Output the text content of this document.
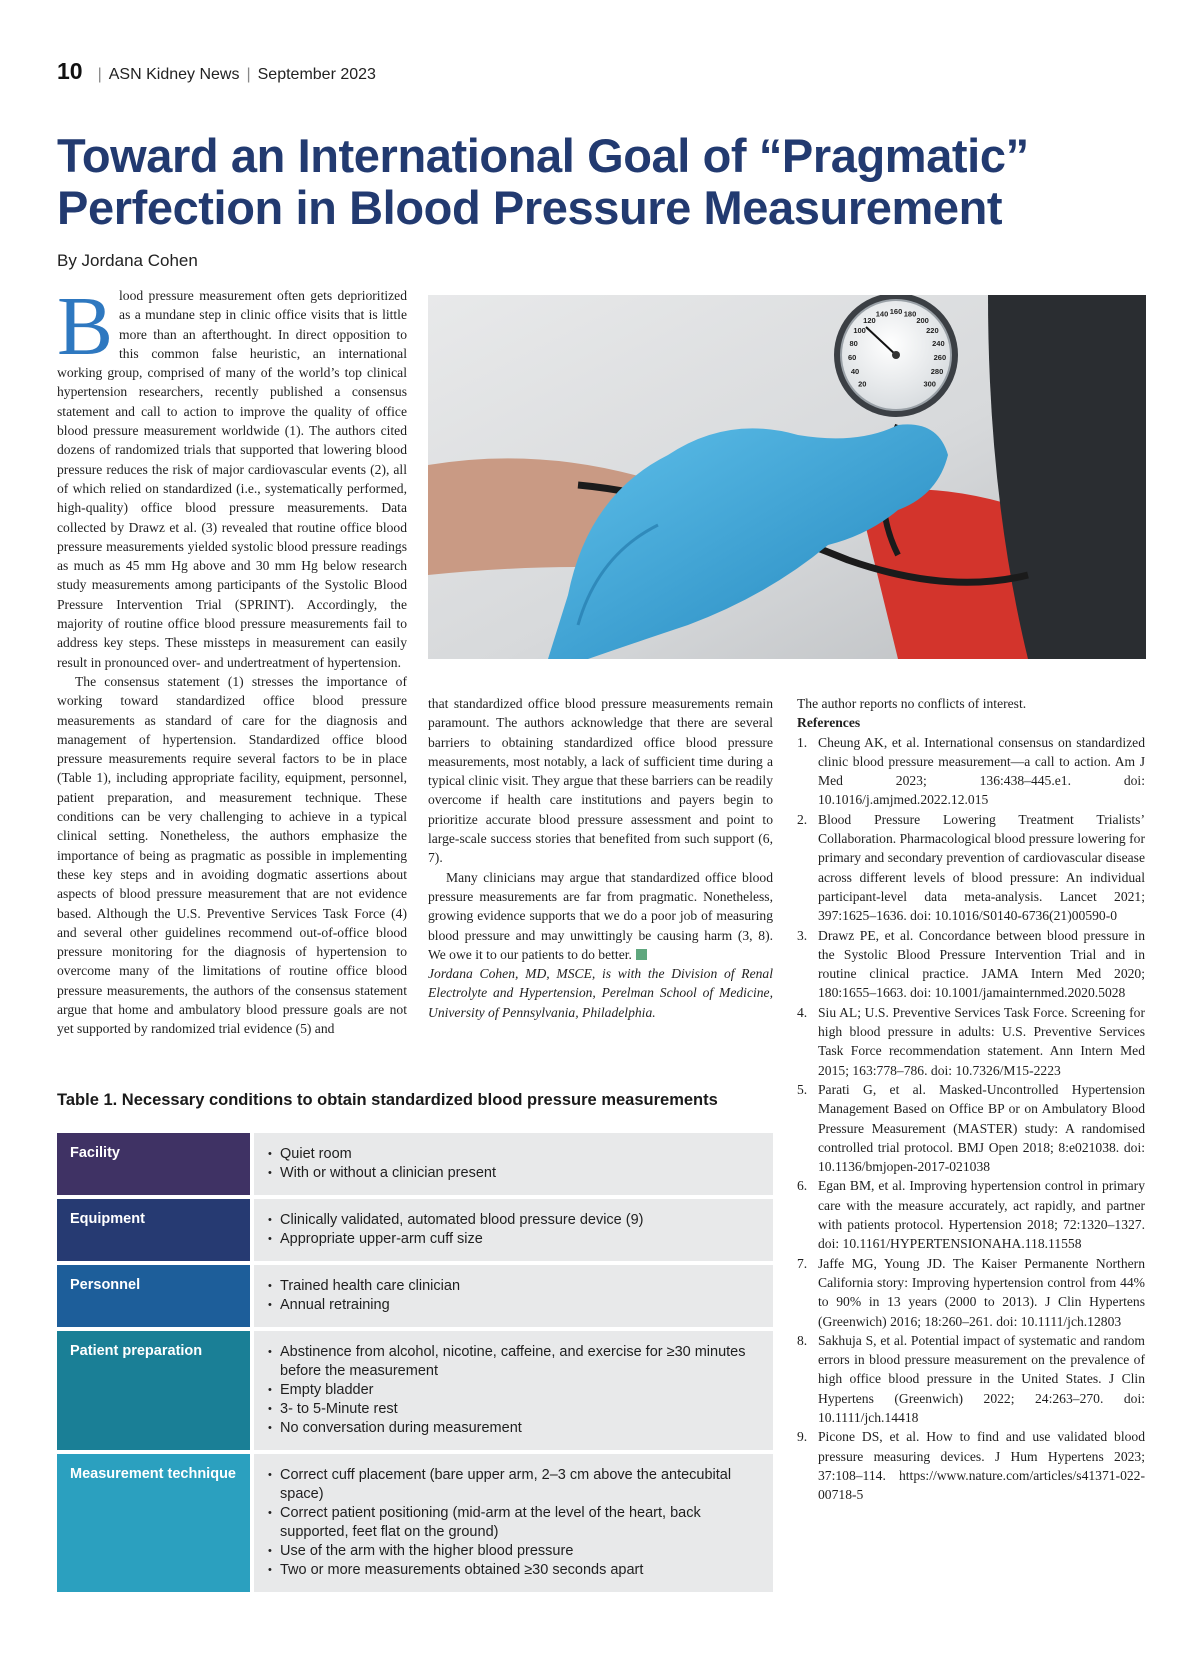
10 | ASN Kidney News | September 2023
Toward an International Goal of “Pragmatic”
Perfection in Blood Pressure Measurement
By Jordana Cohen

Blood pressure measurement often gets deprioritized as a mundane step in clinic office visits that is little more than an afterthought. In direct opposition to this common false heuristic, an international working group, comprised of many of the world’s top clinical hypertension researchers, recently published a consensus statement and call to action to improve the quality of office blood pressure measurement worldwide (1). The authors cited dozens of randomized trials that supported that lowering blood pressure reduces the risk of major cardiovascular events (2), all of which relied on standardized (i.e., systematically performed, high-quality) office blood pressure measurements. Data collected by Drawz et al. (3) revealed that routine office blood pressure measurements yielded systolic blood pressure readings as much as 45 mm Hg above and 30 mm Hg below research study measurements among participants of the Systolic Blood Pressure Intervention Trial (SPRINT). Accordingly, the majority of routine office blood pressure measurements fail to address key steps. These missteps in measurement can easily result in pronounced over- and undertreatment of hypertension.

The consensus statement (1) stresses the importance of working toward standardized office blood pressure measurements as standard of care for the diagnosis and management of hypertension. Standardized office blood pressure measurements require several factors to be in place (Table 1), including appropriate facility, equipment, personnel, patient preparation, and measurement technique. These conditions can be very challenging to achieve in a typical clinical setting. Nonetheless, the authors emphasize the importance of being as pragmatic as possible in implementing these key steps and in avoiding dogmatic assertions about aspects of blood pressure measurement that are not evidence based. Although the U.S. Preventive Services Task Force (4) and several other guidelines recommend out-of-office blood pressure monitoring for the diagnosis of hypertension to overcome many of the limitations of routine office blood pressure measurements, the authors of the consensus statement argue that home and ambulatory blood pressure goals are not yet supported by randomized trial evidence (5) and

20
40
60
80
100
120
140 160 180
200
220
240
260
280
300

that standardized office blood pressure measurements remain paramount. The authors acknowledge that there are several barriers to obtaining standardized office blood pressure measurements, most notably, a lack of sufficient time during a typical clinic visit. They argue that these barriers can be readily overcome if health care institutions and payers begin to prioritize accurate blood pressure assessment and point to large-scale success stories that benefited from such support (6, 7).

Many clinicians may argue that standardized office blood pressure measurements are far from pragmatic. Nonetheless, growing evidence supports that we do a poor job of measuring blood pressure and may unwittingly be causing harm (3, 8). We owe it to our patients to do better.

Jordana Cohen, MD, MSCE, is with the Division of Renal Electrolyte and Hypertension, Perelman School of Medicine, University of Pennsylvania, Philadelphia.

The author reports no conflicts of interest.

References

1. Cheung AK, et al. International consensus on standardized clinic blood pressure measurement—a call to action. Am J Med 2023; 136:438–445.e1. doi: 10.1016/j.amjmed.2022.12.015
2. Blood Pressure Lowering Treatment Trialists’ Collaboration. Pharmacological blood pressure lowering for primary and secondary prevention of cardiovascular disease across different levels of blood pressure: An individual participant-level data meta-analysis. Lancet 2021; 397:1625–1636. doi: 10.1016/S0140-6736(21)00590-0
3. Drawz PE, et al. Concordance between blood pressure in the Systolic Blood Pressure Intervention Trial and in routine clinical practice. JAMA Intern Med 2020; 180:1655–1663. doi: 10.1001/jamainternmed.2020.5028
4. Siu AL; U.S. Preventive Services Task Force. Screening for high blood pressure in adults: U.S. Preventive Services Task Force recommendation statement. Ann Intern Med 2015; 163:778–786. doi: 10.7326/M15-2223
5. Parati G, et al. Masked-Uncontrolled Hypertension Management Based on Office BP or on Ambulatory Blood Pressure Measurement (MASTER) study: A randomised controlled trial protocol. BMJ Open 2018; 8:e021038. doi: 10.1136/bmjopen-2017-021038
6. Egan BM, et al. Improving hypertension control in primary care with the measure accurately, act rapidly, and partner with patients protocol. Hypertension 2018; 72:1320–1327. doi: 10.1161/HYPERTENSIONAHA.118.11558
7. Jaffe MG, Young JD. The Kaiser Permanente Northern California story: Improving hypertension control from 44% to 90% in 13 years (2000 to 2013). J Clin Hypertens (Greenwich) 2016; 18:260–261. doi: 10.1111/jch.12803
8. Sakhuja S, et al. Potential impact of systematic and random errors in blood pressure measurement on the prevalence of high office blood pressure in the United States. J Clin Hypertens (Greenwich) 2022; 24:263–270. doi: 10.1111/jch.14418
9. Picone DS, et al. How to find and use validated blood pressure measuring devices. J Hum Hypertens 2023; 37:108–114. https://www.nature.com/articles/s41371-022-00718-5
Table 1. Necessary conditions to obtain standardized blood pressure measurements
Facility	• Quiet room
• With or without a clinician present
Equipment	• Clinically validated, automated blood pressure device (9)
• Appropriate upper-arm cuff size
Personnel	• Trained health care clinician
• Annual retraining
Patient preparation	• Abstinence from alcohol, nicotine, caffeine, and exercise for ≥30 minutes before the measurement
• Empty bladder
• 3- to 5-Minute rest
• No conversation during measurement
Measurement technique	• Correct cuff placement (bare upper arm, 2–3 cm above the antecubital space)
• Correct patient positioning (mid-arm at the level of the heart, back supported, feet flat on the ground)
• Use of the arm with the higher blood pressure
• Two or more measurements obtained ≥30 seconds apart
